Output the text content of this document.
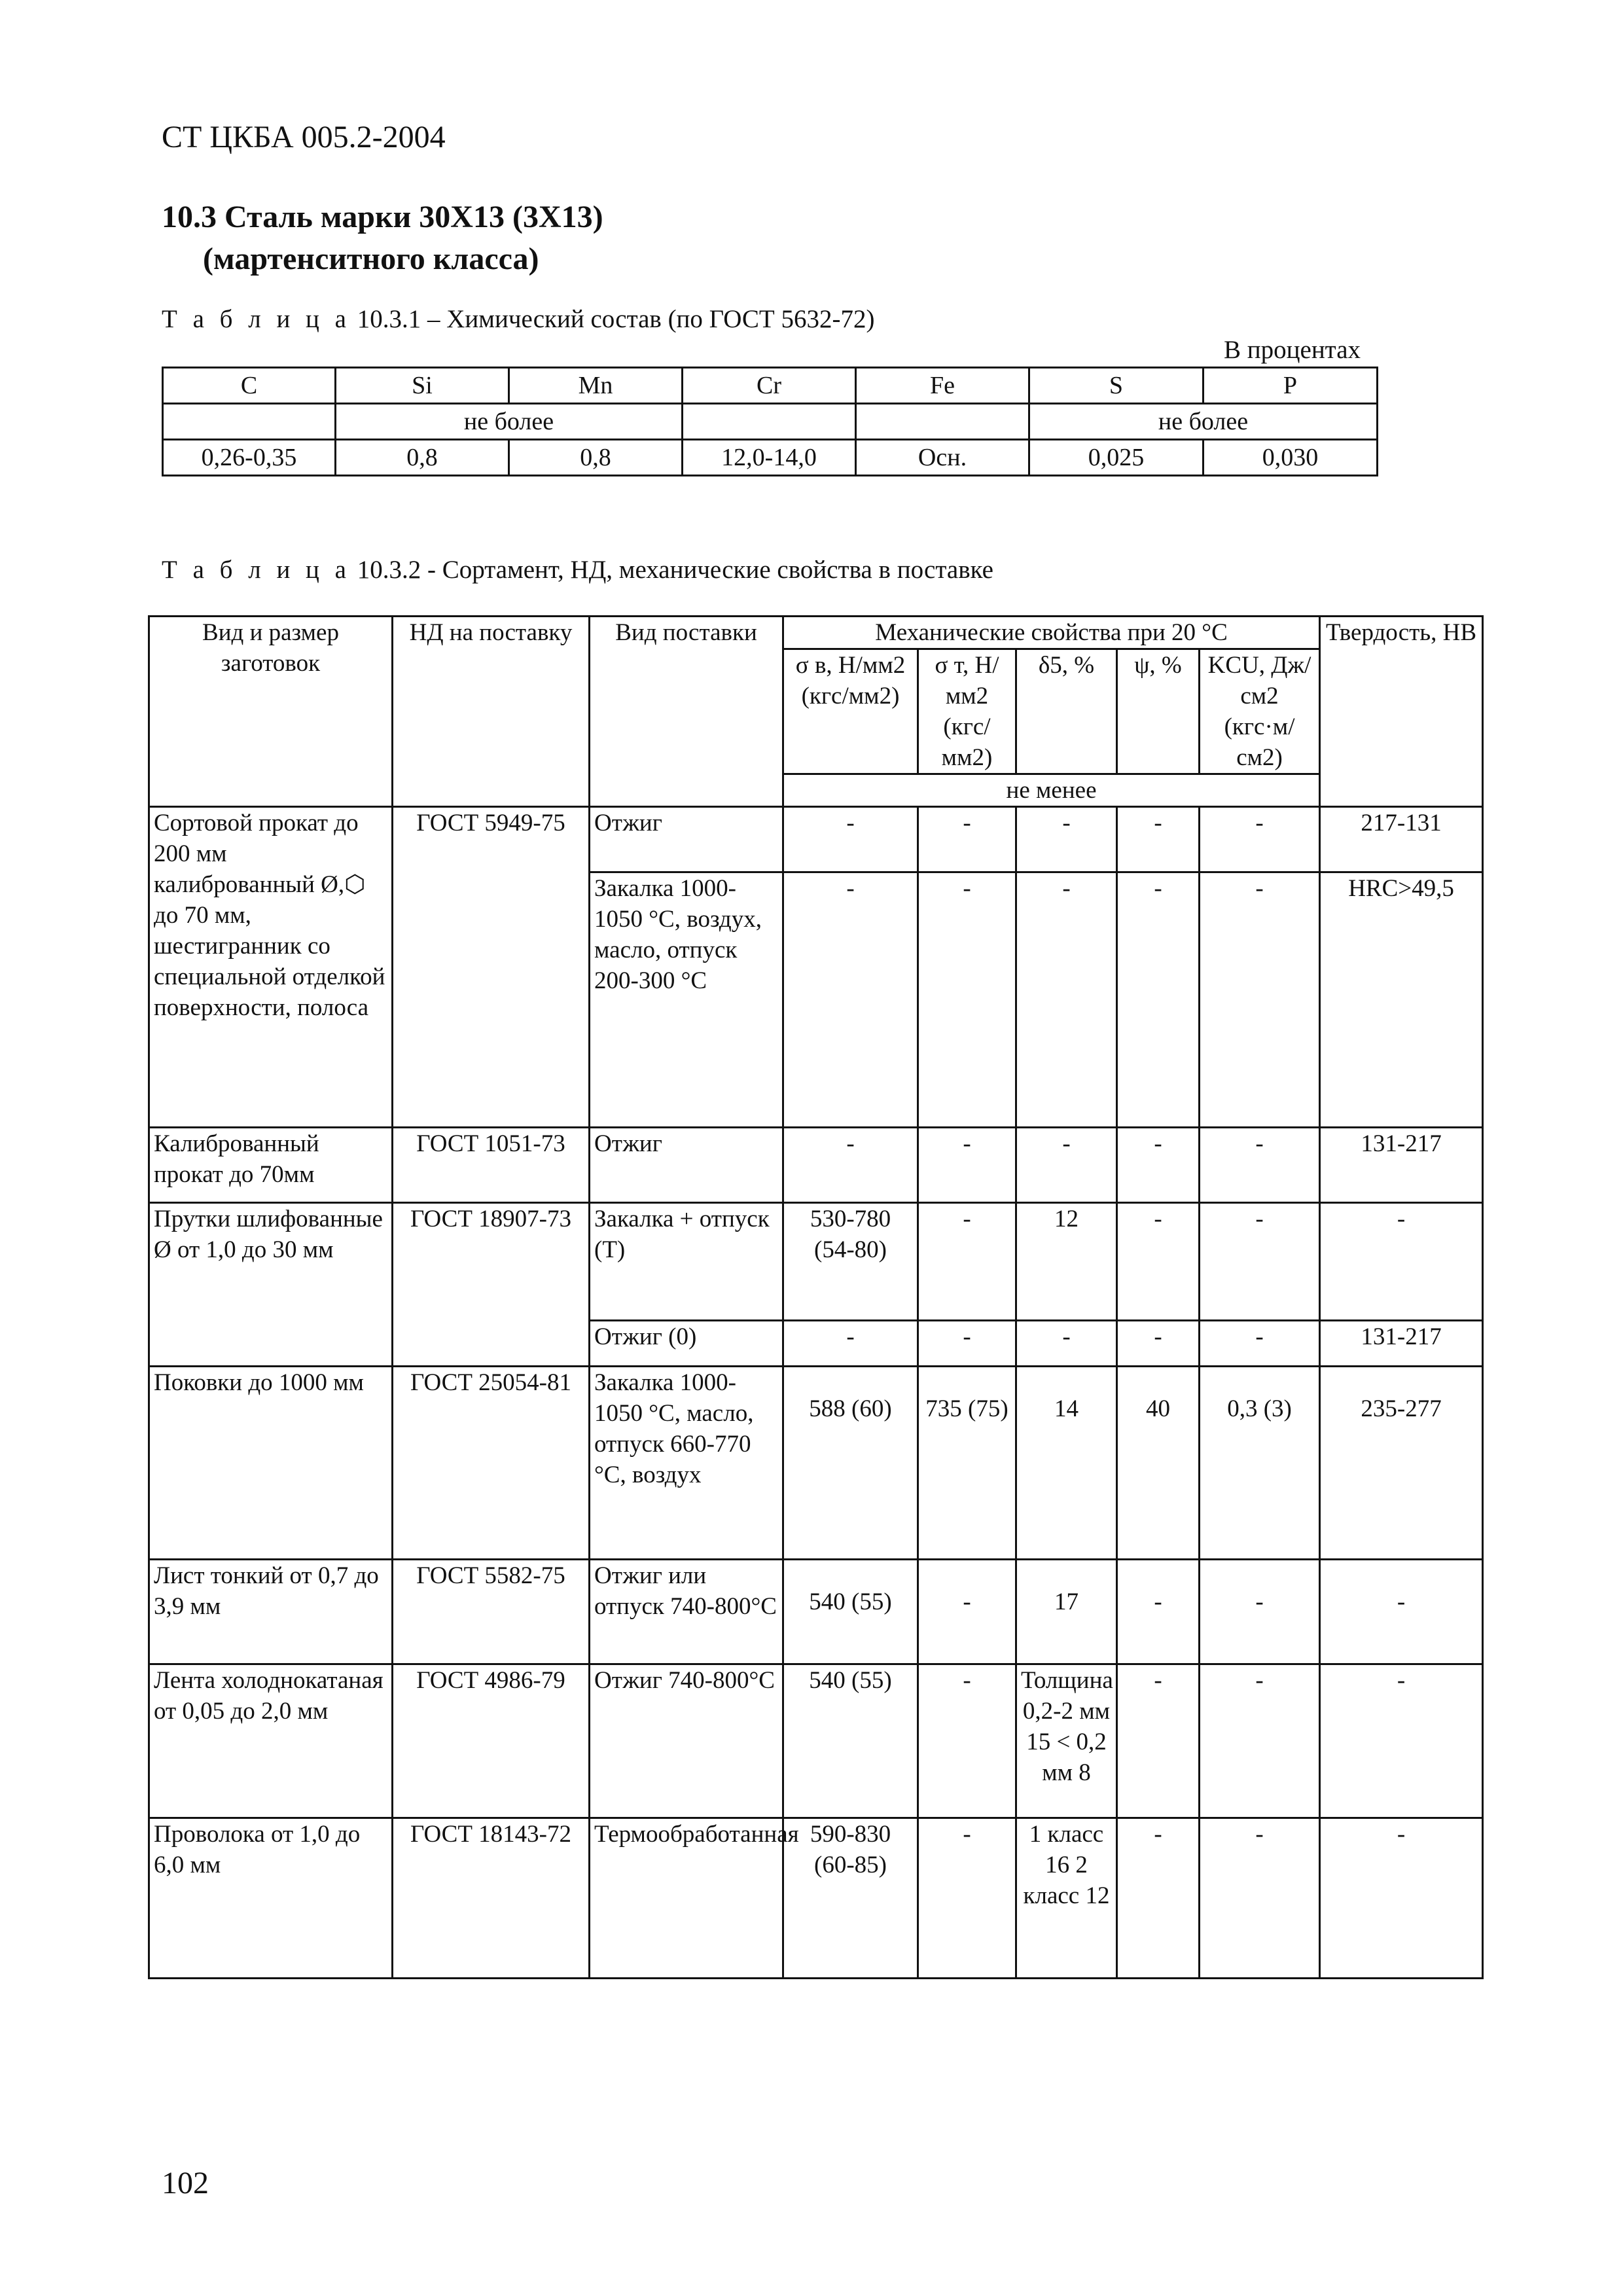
СТ ЦКБА 005.2-2004
10.3 Сталь марки 30Х13 (3Х13)
(мартенситного класса)
Т а б л и ц а 10.3.1 – Химический состав (по ГОСТ 5632-72)
В процентах
C	Si	Mn	Cr	Fe	S	P
	не более				не более	
0,26-0,35	0,8	0,8	12,0-14,0	Осн.	0,025	0,030
Т а б л и ц а 10.3.2 - Сортамент, НД, механические свойства в поставке
Вид и размер заготовок	НД на поставку	Вид поставки	Механические свойства при 20 °C					Твердость, НВ
			σ в, Н/мм2 (кгс/мм2)	σ т, Н/мм2 (кгс/мм2)	δ5, %	ψ, %	KCU, Дж/см2 (кгс·м/см2)	
			не менее					
Сортовой прокат до 200 мм калиброванный Ø,⬡ до 70 мм, шестигранник со специальной отделкой поверхности, полоса	ГОСТ 5949-75	Отжиг	-	-	-	-	-	217-131
		Закалка 1000-1050 °C, воздух, масло, отпуск 200-300 °C	-	-	-	-	-	HRC>49,5
Калиброванный прокат до 70мм	ГОСТ 1051-73	Отжиг	-	-	-	-	-	131-217
Прутки шлифованные Ø от 1,0 до 30 мм	ГОСТ 18907-73	Закалка + отпуск (Т)	530-780 (54-80)	-	12	-	-	-
		Отжиг (0)	-	-	-	-	-	131-217
Поковки до 1000 мм	ГОСТ 25054-81	Закалка 1000-1050 °C, масло, отпуск 660-770 °C, воздух	588 (60)	735 (75)	14	40	0,3 (3)	235-277
Лист тонкий от 0,7 до 3,9 мм	ГОСТ 5582-75	Отжиг или отпуск 740-800°C	540 (55)	-	17	-	-	-
Лента холоднокатаная от 0,05 до 2,0 мм	ГОСТ 4986-79	Отжиг 740-800°C	540 (55)	-	Толщина 0,2-2 мм 15 < 0,2 мм 8	-	-	-
Проволока от 1,0 до 6,0 мм	ГОСТ 18143-72	Термообработанная	590-830 (60-85)	-	1 класс 16 2 класс 12	-	-	-
102
